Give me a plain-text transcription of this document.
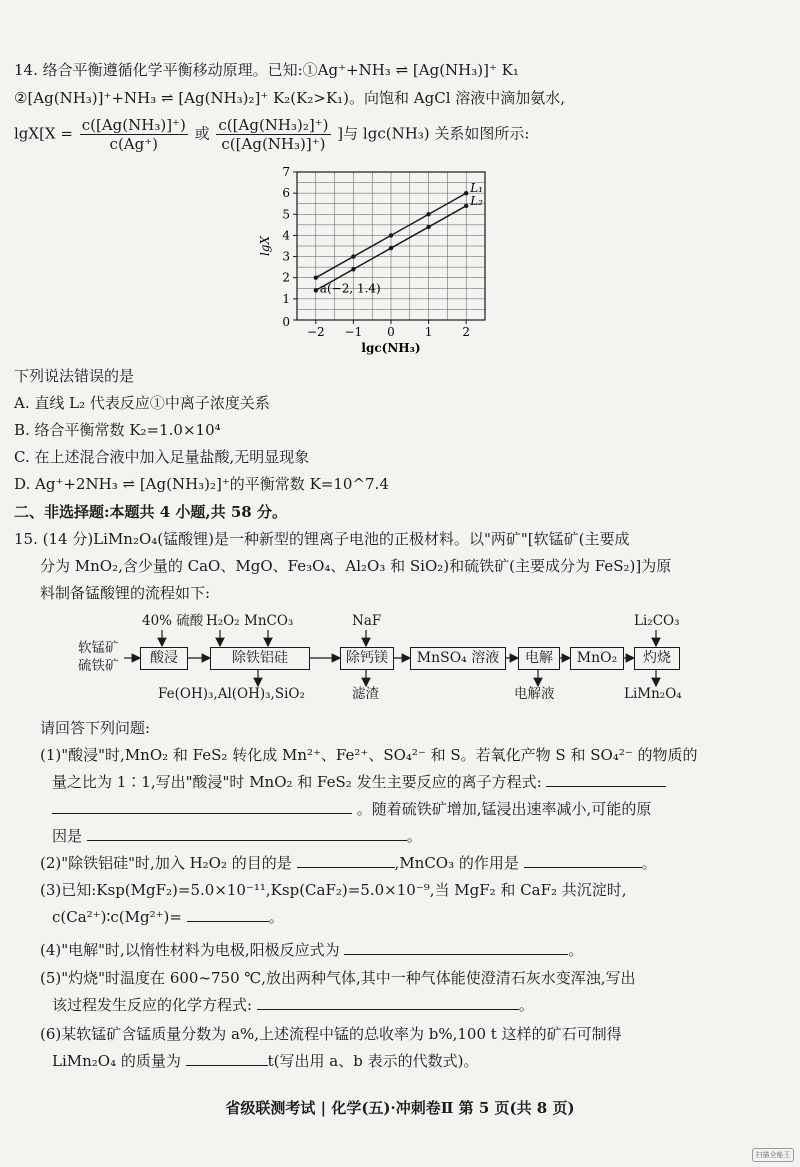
14. 络合平衡遵循化学平衡移动原理。已知:①Ag⁺+NH₃ ⇌ [Ag(NH₃)]⁺ K₁
②[Ag(NH₃)]⁺+NH₃ ⇌ [Ag(NH₃)₂]⁺ K₂(K₂>K₁)。向饱和 AgCl 溶液中滴加氨水,
$\lg X[X = \frac{\text{c([Ag(NH₃)]⁺)}}{c(Ag^+)}$ 或 $\frac{\text{c([Ag(NH₃)₂]⁺)}}{\text{c([Ag(NH₃)]⁺)}}$ ]与 lgc(NH₃) 关系如图所示:
1
2
3
4
5
6
7
0
−2 −1 0 1 2
lgc(NH₃)
lgX
L₁
L₂
a(−2, 1.4)
下列说法错误的是
A. 直线 L₂ 代表反应①中离子浓度关系
B. 络合平衡常数 K₂=1.0×10⁴
C. 在上述混合液中加入足量盐酸,无明显现象
D. Ag⁺+2NH₃ ⇌ [Ag(NH₃)₂]⁺的平衡常数 K=10^7.4
二、非选择题:本题共 4 小题,共 58 分。
15. (14 分)LiMn₂O₄(锰酸锂)是一种新型的锂离子电池的正极材料。以"两矿"[软锰矿(主要成
分为 MnO₂,含少量的 CaO、MgO、Fe₃O₄、Al₂O₃ 和 SiO₂)和硫铁矿(主要成分为 FeS₂)]为原
料制备锰酸锂的流程如下:
软锰矿
硫铁矿
40% 硫酸 H₂O₂ MnCO₃	NaF	Li₂CO₃
酸浸	除铁铝硅	除钙镁	MnSO₄ 溶液	电解	MnO₂	灼烧
Fe(OH)₃,Al(OH)₃,SiO₂	滤渣	电解液	LiMn₂O₄
请回答下列问题:
(1)"酸浸"时,MnO₂ 和 FeS₂ 转化成 Mn²⁺、Fe²⁺、SO₄²⁻ 和 S。若氧化产物 S 和 SO₄²⁻ 的物质的
量之比为 1∶1,写出"酸浸"时 MnO₂ 和 FeS₂ 发生主要反应的离子方程式:
。随着硫铁矿增加,锰浸出速率减小,可能的原
因是	。
(2)"除铁铝硅"时,加入 H₂O₂ 的目的是	,MnCO₃ 的作用是	。
(3)已知:Ksp(MgF₂)=5.0×10⁻¹¹,Ksp(CaF₂)=5.0×10⁻⁹,当 MgF₂ 和 CaF₂ 共沉淀时,
c(Ca²⁺)∶c(Mg²⁺)=	。
(4)"电解"时,以惰性材料为电极,阳极反应式为	。
(5)"灼烧"时温度在 600~750 ℃,放出两种气体,其中一种气体能使澄清石灰水变浑浊,写出
该过程发生反应的化学方程式:	。
(6)某软锰矿含锰质量分数为 a%,上述流程中锰的总收率为 b%,100 t 这样的矿石可制得
LiMn₂O₄ 的质量为	t(写出用 a、b 表示的代数式)。
省级联测考试 | 化学(五)·冲刺卷Ⅱ 第 5 页(共 8 页)
扫描全能王
